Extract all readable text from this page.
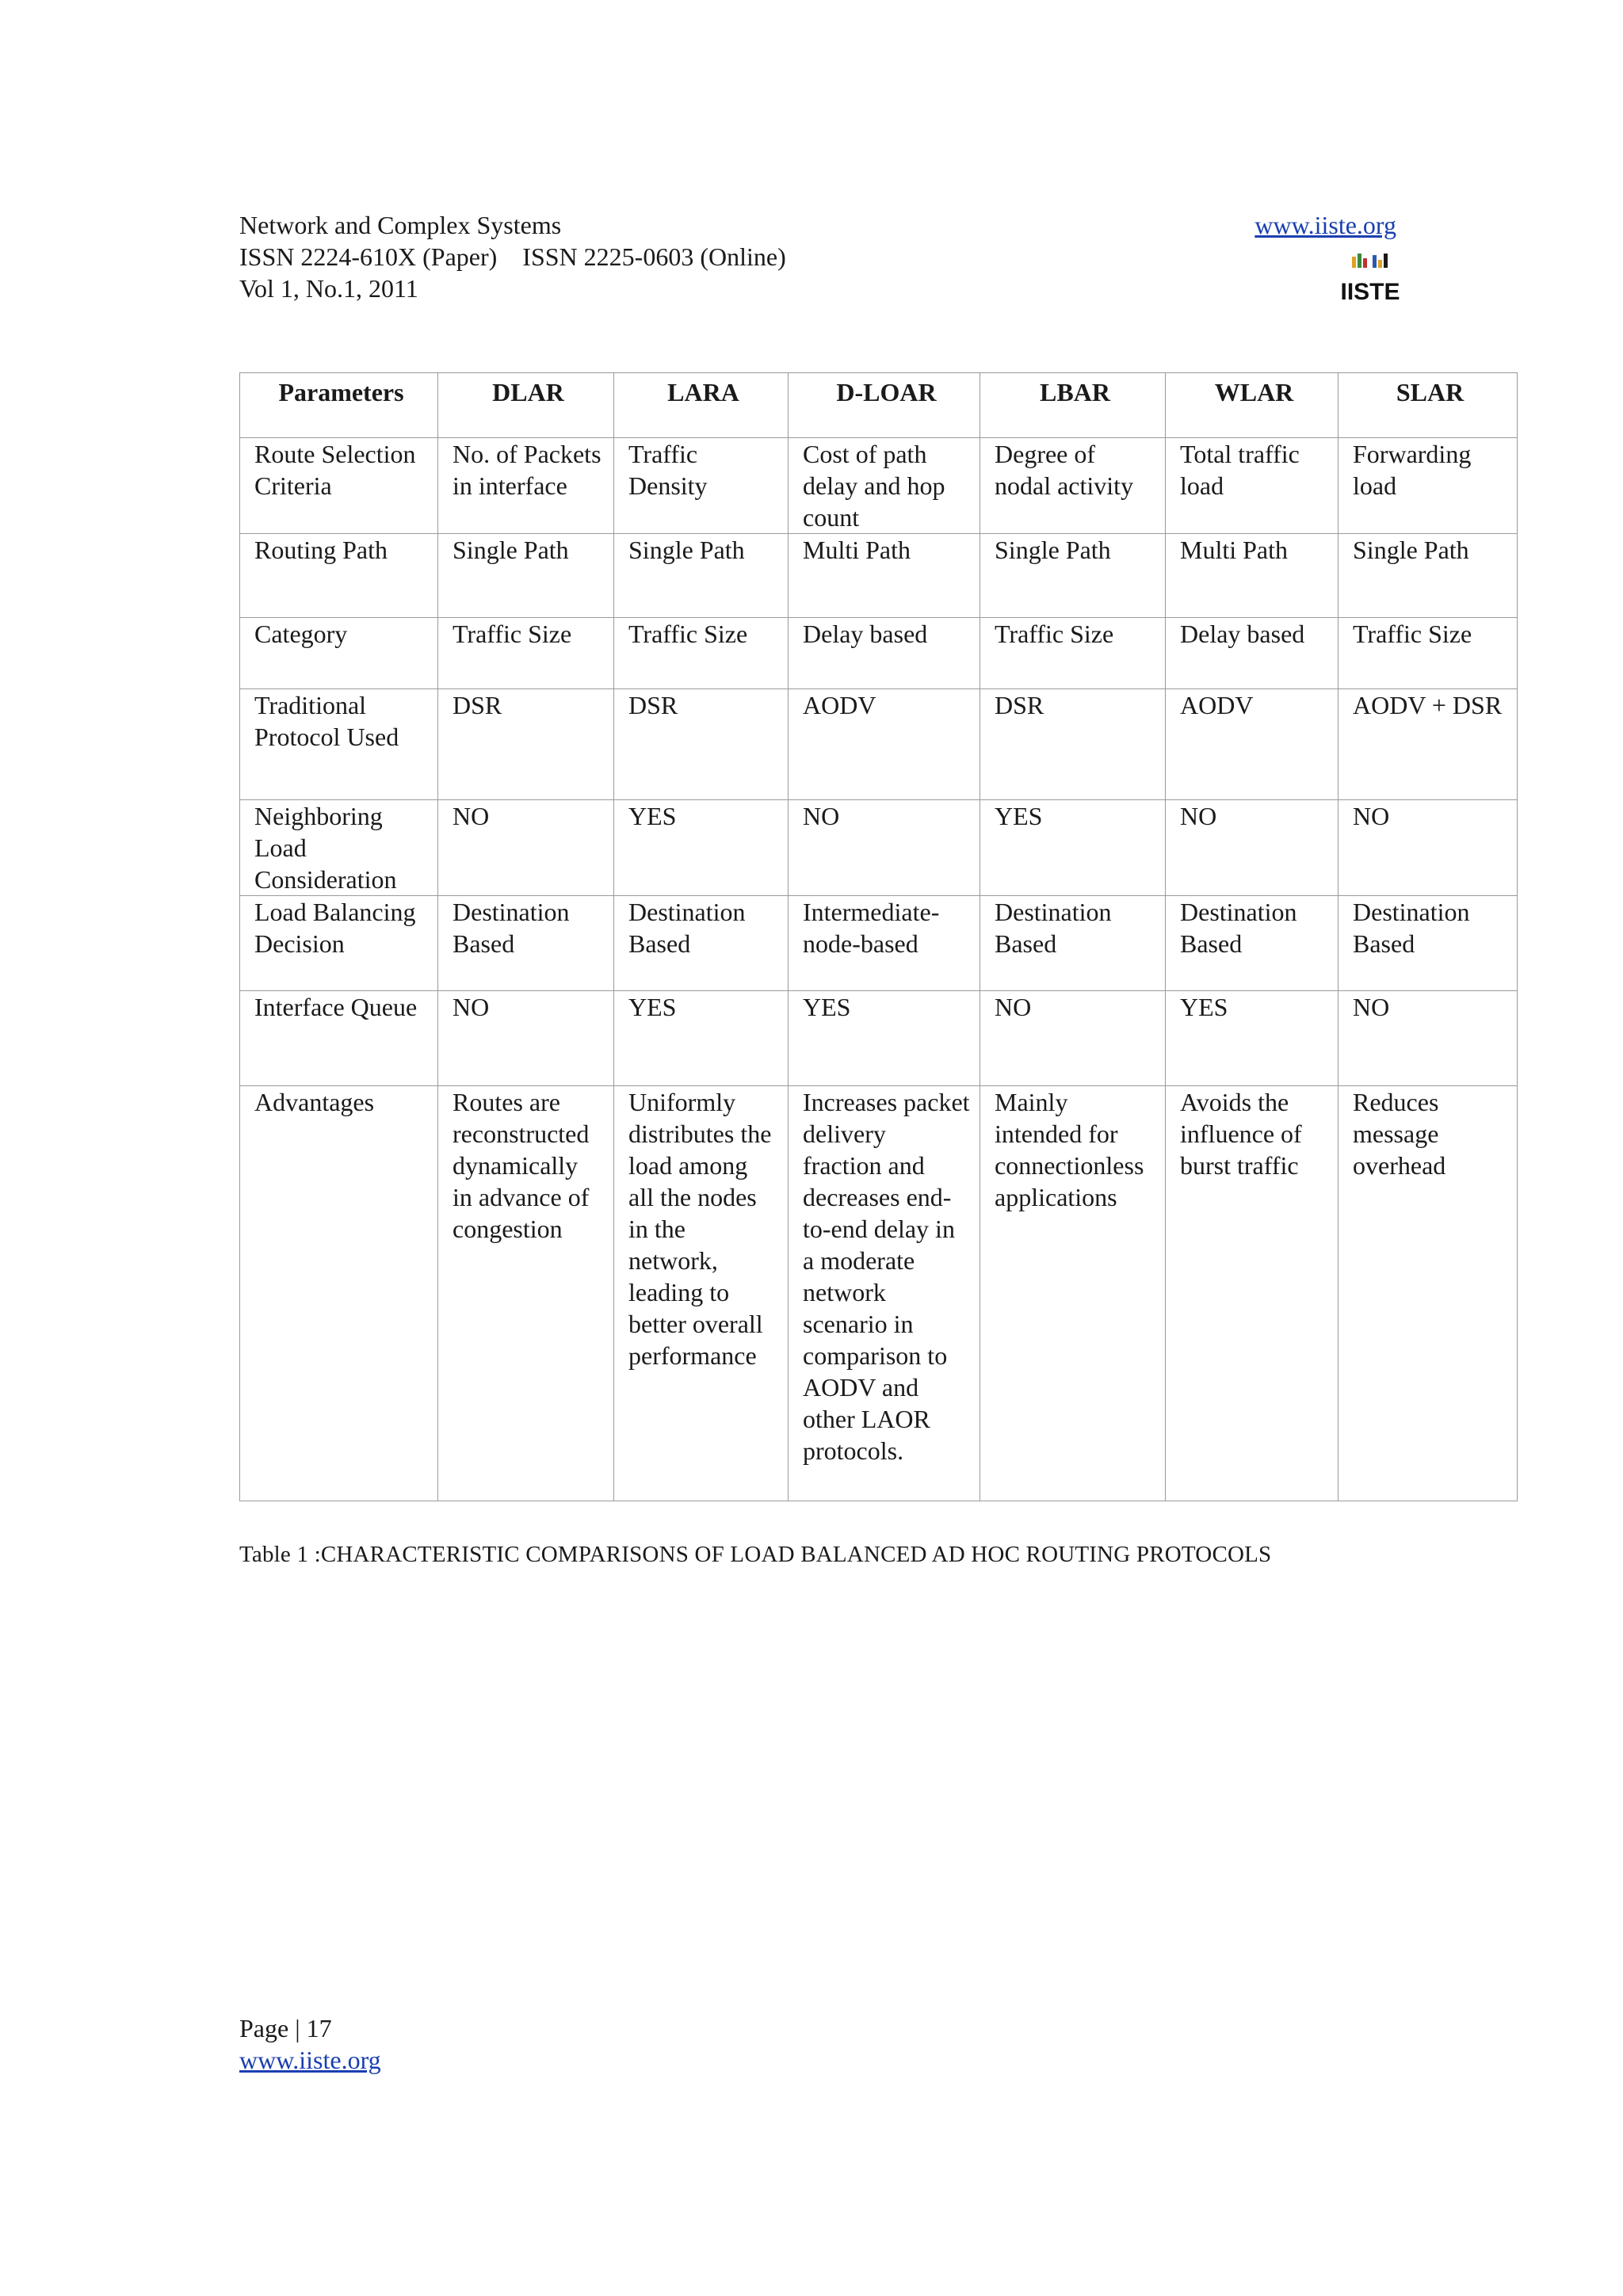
Network and Complex Systems
ISSN 2224-610X (Paper)    ISSN 2225-0603 (Online)
Vol 1, No.1, 2011
www.iiste.org
IISTE
Parameters	DLAR	LARA	D-LOAR	LBAR	WLAR	SLAR
Route Selection Criteria	No. of Packets in interface	Traffic Density	Cost of path delay and hop count	Degree of nodal activity	Total traffic load	Forwarding load
Routing Path	Single Path	Single Path	Multi Path	Single Path	Multi Path	Single Path
Category	Traffic Size	Traffic Size	Delay based	Traffic Size	Delay based	Traffic Size
Traditional Protocol Used	DSR	DSR	AODV	DSR	AODV	AODV + DSR
Neighboring Load Consideration	NO	YES	NO	YES	NO	NO
Load Balancing Decision	Destination Based	Destination Based	Intermediate-node-based	Destination Based	Destination Based	Destination Based
Interface Queue	NO	YES	YES	NO	YES	NO
Advantages	Routes are reconstructed dynamically in advance of congestion	Uniformly distributes the load among all the nodes in the network, leading to better overall performance	Increases packet delivery fraction and decreases end-to-end delay in a moderate network scenario in comparison to AODV and other LAOR protocols.	Mainly intended for connectionless applications	Avoids the influence of burst traffic	Reduces message overhead
Table 1 :CHARACTERISTIC COMPARISONS OF LOAD BALANCED AD HOC ROUTING PROTOCOLS
Page | 17
www.iiste.org
